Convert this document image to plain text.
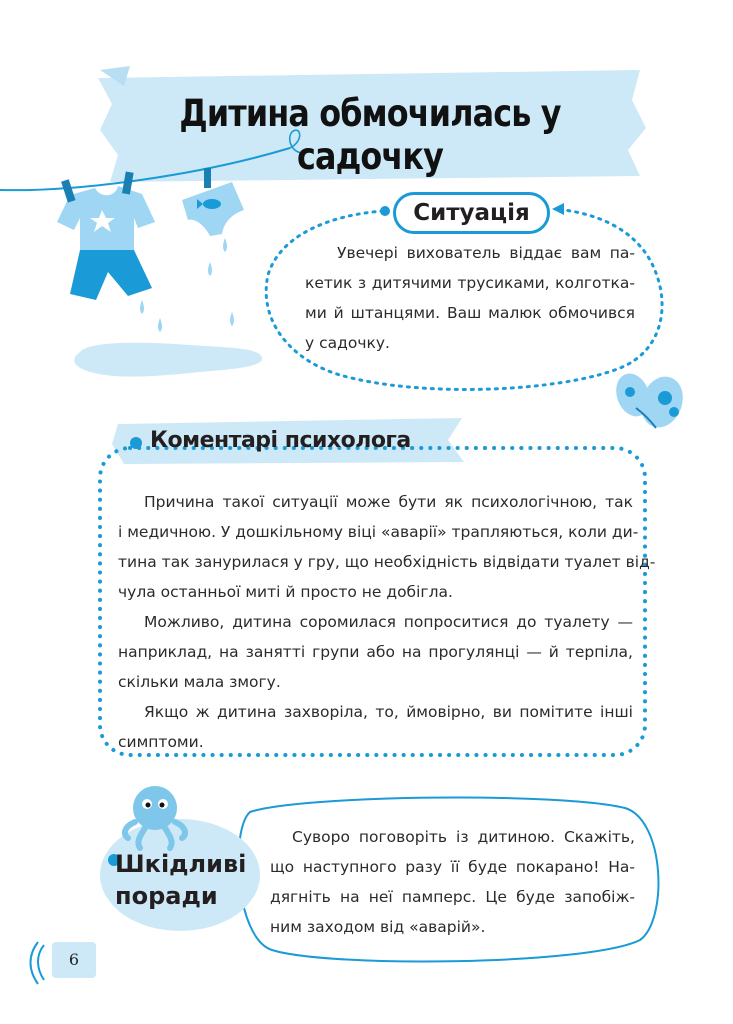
Дитина обмочилась у садочку
Ситуація
Увечері вихователь віддає вам па-
кетик з дитячими трусиками, колготка-
ми й штанцями. Ваш малюк обмочився
у садочку.
Коментарі психолога
Причина такої ситуації може бути як психологічною, так
і медичною. У дошкільному віці «аварії» трапляються, коли ди-
тина так занурилася у гру, що необхідність відвідати туалет від-
чула останньої миті й просто не добігла.
Можливо, дитина соромилася попроситися до туалету —
наприклад, на занятті групи або на прогулянці — й терпіла,
скільки мала змогу.
Якщо ж дитина захворіла, то, ймовірно, ви помітите інші
симптоми.
Шкідливі
поради
Суворо поговоріть із дитиною. Скажіть,
що наступного разу її буде покарано! На-
дягніть на неї памперс. Це буде запобіж-
ним заходом від «аварій».
6
